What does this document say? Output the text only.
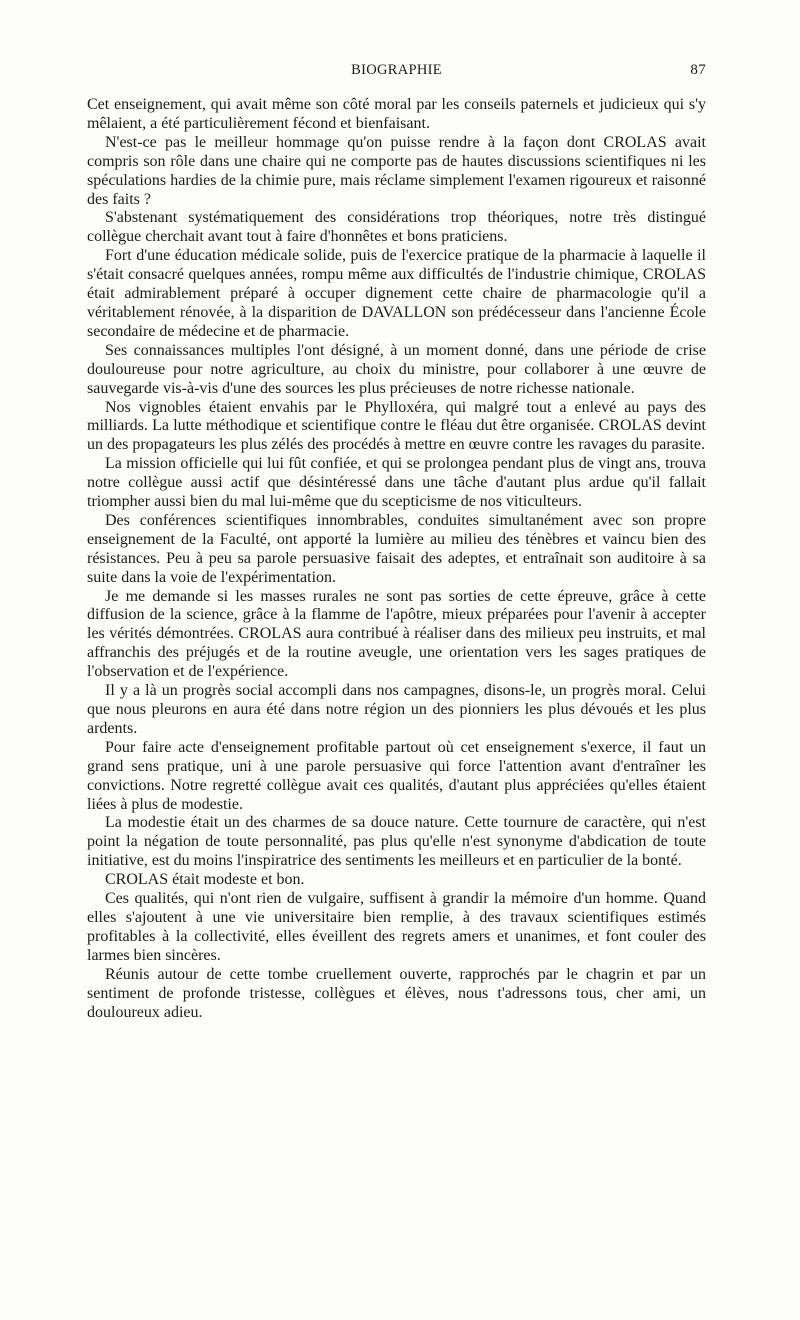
BIOGRAPHIE	87

Cet enseignement, qui avait même son côté moral par les conseils paternels et judicieux qui s'y mêlaient, a été particulièrement fécond et bienfaisant.

N'est-ce pas le meilleur hommage qu'on puisse rendre à la façon dont CROLAS avait compris son rôle dans une chaire qui ne comporte pas de hautes discussions scientifiques ni les spéculations hardies de la chimie pure, mais réclame simplement l'examen rigoureux et raisonné des faits ?

S'abstenant systématiquement des considérations trop théoriques, notre très distingué collègue cherchait avant tout à faire d'honnêtes et bons praticiens.

Fort d'une éducation médicale solide, puis de l'exercice pratique de la pharmacie à laquelle il s'était consacré quelques années, rompu même aux difficultés de l'industrie chimique, CROLAS était admirablement préparé à occuper dignement cette chaire de pharmacologie qu'il a véritablement rénovée, à la disparition de DAVALLON son prédécesseur dans l'ancienne École secondaire de médecine et de pharmacie.

Ses connaissances multiples l'ont désigné, à un moment donné, dans une période de crise douloureuse pour notre agriculture, au choix du ministre, pour collaborer à une œuvre de sauvegarde vis-à-vis d'une des sources les plus précieuses de notre richesse nationale.

Nos vignobles étaient envahis par le Phylloxéra, qui malgré tout a enlevé au pays des milliards. La lutte méthodique et scientifique contre le fléau dut être organisée. CROLAS devint un des propagateurs les plus zélés des procédés à mettre en œuvre contre les ravages du parasite.

La mission officielle qui lui fût confiée, et qui se prolongea pendant plus de vingt ans, trouva notre collègue aussi actif que désintéressé dans une tâche d'autant plus ardue qu'il fallait triompher aussi bien du mal lui-même que du scepticisme de nos viticulteurs.

Des conférences scientifiques innombrables, conduites simultanément avec son propre enseignement de la Faculté, ont apporté la lumière au milieu des ténèbres et vaincu bien des résistances. Peu à peu sa parole persuasive faisait des adeptes, et entraînait son auditoire à sa suite dans la voie de l'expérimentation.

Je me demande si les masses rurales ne sont pas sorties de cette épreuve, grâce à cette diffusion de la science, grâce à la flamme de l'apôtre, mieux préparées pour l'avenir à accepter les vérités démontrées. CROLAS aura contribué à réaliser dans des milieux peu instruits, et mal affranchis des préjugés et de la routine aveugle, une orientation vers les sages pratiques de l'observation et de l'expérience.

Il y a là un progrès social accompli dans nos campagnes, disons-le, un progrès moral. Celui que nous pleurons en aura été dans notre région un des pionniers les plus dévoués et les plus ardents.

Pour faire acte d'enseignement profitable partout où cet enseignement s'exerce, il faut un grand sens pratique, uni à une parole persuasive qui force l'attention avant d'entraîner les convictions. Notre regretté collègue avait ces qualités, d'autant plus appréciées qu'elles étaient liées à plus de modestie.

La modestie était un des charmes de sa douce nature. Cette tournure de caractère, qui n'est point la négation de toute personnalité, pas plus qu'elle n'est synonyme d'abdication de toute initiative, est du moins l'inspiratrice des sentiments les meilleurs et en particulier de la bonté.

CROLAS était modeste et bon.

Ces qualités, qui n'ont rien de vulgaire, suffisent à grandir la mémoire d'un homme. Quand elles s'ajoutent à une vie universitaire bien remplie, à des travaux scientifiques estimés profitables à la collectivité, elles éveillent des regrets amers et unanimes, et font couler des larmes bien sincères.

Réunis autour de cette tombe cruellement ouverte, rapprochés par le chagrin et par un sentiment de profonde tristesse, collègues et élèves, nous t'adressons tous, cher ami, un douloureux adieu.
